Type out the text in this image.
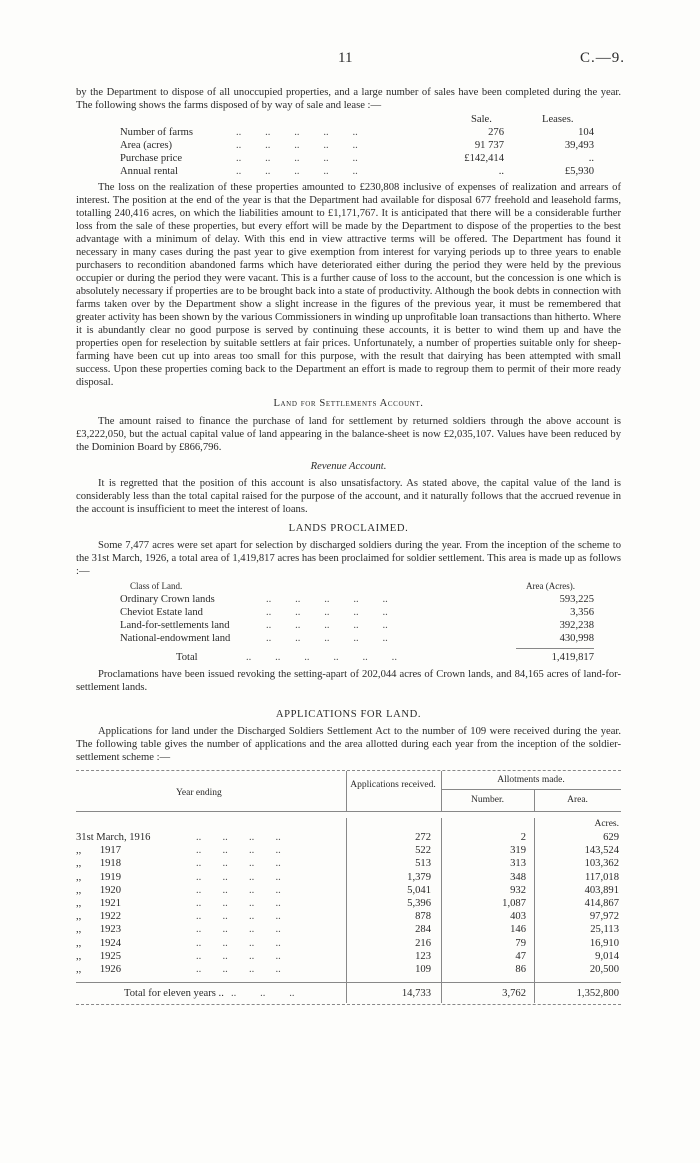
11	C.—9.

by the Department to dispose of all unoccupied properties, and a large number of sales have been completed during the year. The following shows the farms disposed of by way of sale and lease :—

Sale.	Leases.
Number of farms	..         ..         ..         ..         ..	276	104
Area (acres)	..         ..         ..         ..         ..	91 737	39,493
Purchase price	..         ..         ..         ..         ..	£142,414	..
Annual rental	..         ..         ..         ..         ..	..	£5,930

The loss on the realization of these properties amounted to £230,808 inclusive of expenses of realization and arrears of interest. The position at the end of the year is that the Department had available for disposal 677 freehold and leasehold farms, totalling 240,416 acres, on which the liabilities amount to £1,171,767. It is anticipated that there will be a considerable further loss from the sale of these properties, but every effort will be made by the Department to dispose of the properties to the best advantage with a minimum of delay. With this end in view attractive terms will be offered. The Department has found it necessary in many cases during the past year to give exemption from interest for varying periods up to three years to enable purchasers to recondition abandoned farms which have deteriorated either during the period they were held by the previous occupier or during the period they were vacant. This is a further cause of loss to the account, but the concession is one which is absolutely necessary if properties are to be brought back into a state of productivity. Although the book debts in connection with farms taken over by the Department show a slight increase in the figures of the previous year, it must be remembered that greater activity has been shown by the various Commissioners in winding up unprofitable loan transactions than hitherto. Where it is abundantly clear no good purpose is served by continuing these accounts, it is better to wind them up and have the properties open for reselection by suitable settlers at fair prices. Unfortunately, a number of properties suitable only for sheep-farming have been cut up into areas too small for this purpose, with the result that dairying has been attempted with small success. Upon these properties coming back to the Department an effort is made to regroup them to permit of their more ready disposal.

Land for Settlements Account.

The amount raised to finance the purchase of land for settlement by returned soldiers through the above account is £3,222,050, but the actual capital value of land appearing in the balance-sheet is now £2,035,107. Values have been reduced by the Dominion Board by £866,796.

Revenue Account.

It is regretted that the position of this account is also unsatisfactory. As stated above, the capital value of the land is considerably less than the total capital raised for the purpose of the account, and it naturally follows that the accrued revenue in the account is insufficient to meet the interest of loans.

LANDS PROCLAIMED.

Some 7,477 acres were set apart for selection by discharged soldiers during the year. From the inception of the scheme to the 31st March, 1926, a total area of 1,419,817 acres has been proclaimed for soldier settlement. This area is made up as follows :—

Class of Land.	Area (Acres).
Ordinary Crown lands	..         ..         ..         ..         ..	593,225
Cheviot Estate land	..         ..         ..         ..         ..	3,356
Land-for-settlements land	..         ..         ..         ..         ..	392,238
National-endowment land	..         ..         ..         ..         ..	430,998
Total	..         ..         ..         ..         ..         ..	1,419,817

Proclamations have been issued revoking the setting-apart of 202,044 acres of Crown lands, and 84,165 acres of land-for-settlement lands.

APPLICATIONS FOR LAND.

Applications for land under the Discharged Soldiers Settlement Act to the number of 109 were received during the year. The following table gives the number of applications and the area allotted during each year from the inception of the soldier-settlement scheme :—

Year ending
Applications received.	Allotments made.
Number.	Area.
Acres.
31st March, 1916	..        ..        ..        ..	272	2	629
,,       1917	..        ..        ..        ..	522	319	143,524
,,       1918	..        ..        ..        ..	513	313	103,362
,,       1919	..        ..        ..        ..	1,379	348	117,018
,,       1920	..        ..        ..        ..	5,041	932	403,891
,,       1921	..        ..        ..        ..	5,396	1,087	414,867
,,       1922	..        ..        ..        ..	878	403	97,972
,,       1923	..        ..        ..        ..	284	146	25,113
,,       1924	..        ..        ..        ..	216	79	16,910
,,       1925	..        ..        ..        ..	123	47	9,014
,,       1926	..        ..        ..        ..	109	86	20,500
Total for eleven years .. ..         ..         ..	14,733	3,762	1,352,800
